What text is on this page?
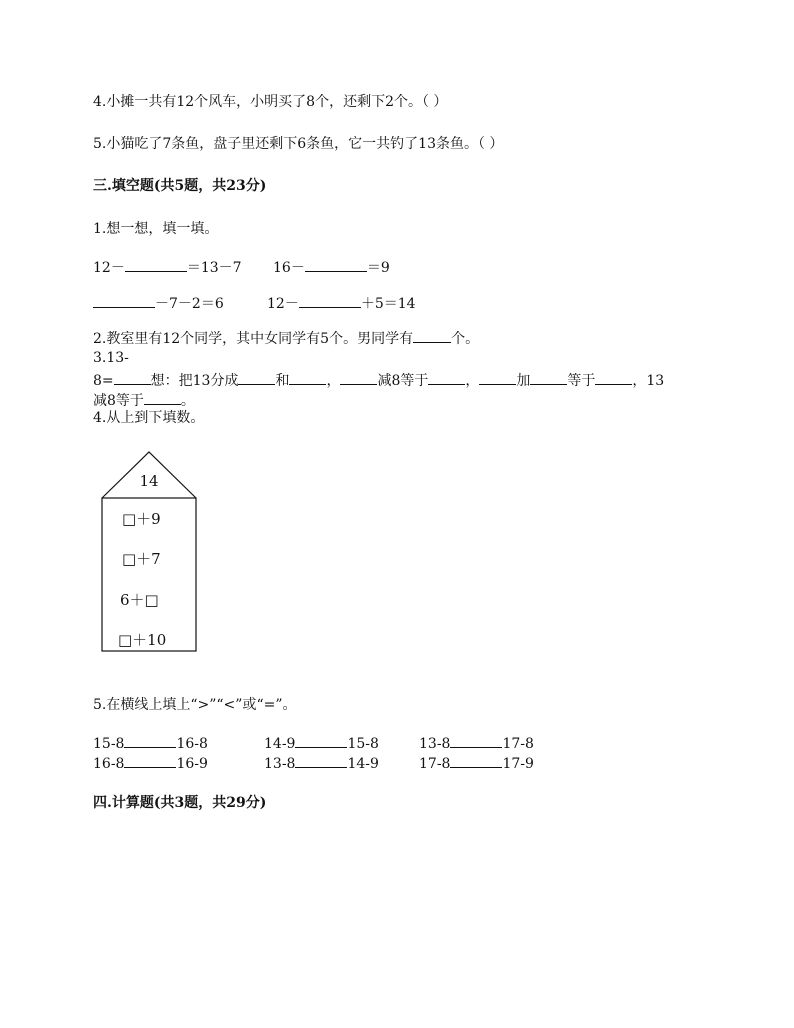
4.小摊一共有12个风车，小明买了8个，还剩下2个。（ ）
5.小猫吃了7条鱼，盘子里还剩下6条鱼，它一共钓了13条鱼。（ ）
三.填空题(共5题，共23分)
1.想一想，填一填。
12－	＝13－7 16－	＝9
－7－2＝6	12－	＋5＝14
2.教室里有12个同学，其中女同学有5个。男同学有	个。
3.13-
8=	想：把13分成	和	，	减8等于	，	加	等于	，13
减8等于	。
4.从上到下填数。
14
□＋9
□＋7
6＋□
□＋10
5.在横线上填上“>”“<”或“=”。
15-8	16-8	14-9	15-8	13-8	17-8
16-8	16-9	13-8	14-9	17-8	17-9
四.计算题(共3题，共29分)
